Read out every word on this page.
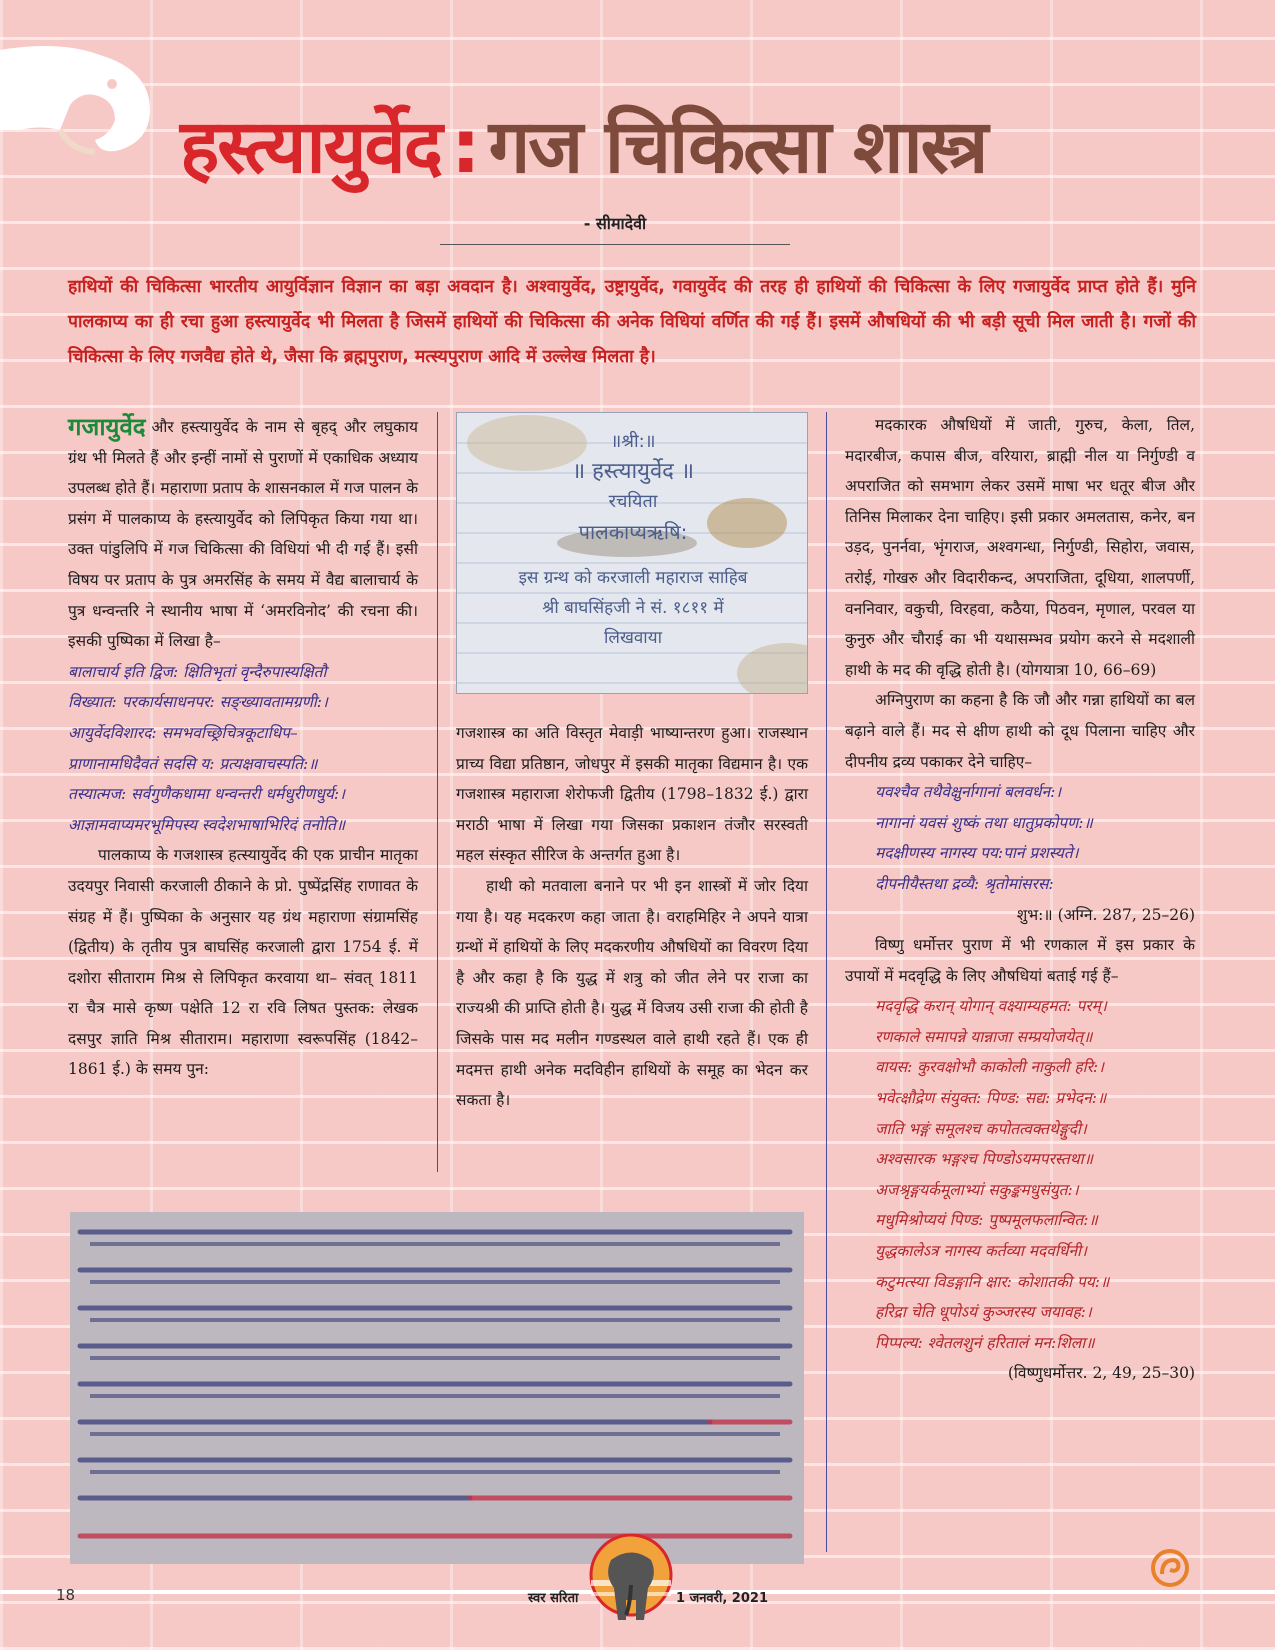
हस्त्यायुर्वेद : गज चिकित्सा शास्त्र
- सीमादेवी
हाथियों की चिकित्सा भारतीय आयुर्विज्ञान विज्ञान का बड़ा अवदान है। अश्वायुर्वेद, उष्ट्रायुर्वेद, गवायुर्वेद की तरह ही हाथियों की चिकित्सा के लिए गजायुर्वेद प्राप्त होते हैं। मुनि पालकाप्य का ही रचा हुआ हस्त्यायुर्वेद भी मिलता है जिसमें हाथियों की चिकित्सा की अनेक विधियां वर्णित की गई हैं। इसमें औषधियों की भी बड़ी सूची मिल जाती है। गजों की चिकित्सा के लिए गजवैद्य होते थे, जैसा कि ब्रह्मपुराण, मत्स्यपुराण आदि में उल्लेख मिलता है।

गजायुर्वेद और हस्त्यायुर्वेद के नाम से बृहद् और लघुकाय ग्रंथ भी मिलते हैं और इन्हीं नामों से पुराणों में एकाधिक अध्याय उपलब्ध होते हैं। महाराणा प्रताप के शासनकाल में गज पालन के प्रसंग में पालकाप्य के हस्त्यायुर्वेद को लिपिकृत किया गया था। उक्त पांडुलिपि में गज चिकित्सा की विधियां भी दी गई हैं। इसी विषय पर प्रताप के पुत्र अमरसिंह के समय में वैद्य बालाचार्य के पुत्र धन्वन्तरि ने स्थानीय भाषा में ‘अमरविनोद’ की रचना की। इसकी पुष्पिका में लिखा है–

बालाचार्य इति द्विज: क्षितिभृतां वृन्दैरुपास्यक्षितौ

विख्यात: परकार्यसाधनपर: सङ्ख्यावतामग्रणी:।

आयुर्वेदविशारद: समभवच्छ्रिचित्रकूटाधिप–

प्राणानामधिदैवतं सदसि य: प्रत्यक्षवाचस्पति:॥

तस्यात्मज: सर्वगुणैकधामा धन्वन्तरी धर्मधुरीणधुर्य:।

आज्ञामवाप्यमरभूमिपस्य स्वदेशभाषाभिरिदं तनोति॥

पालकाप्य के गजशास्त्र हत्स्यायुर्वेद की एक प्राचीन मातृका उदयपुर निवासी करजाली ठीकाने के प्रो. पुष्पेंद्रसिंह राणावत के संग्रह में हैं। पुष्पिका के अनुसार यह ग्रंथ महाराणा संग्रामसिंह (द्वितीय) के तृतीय पुत्र बाघसिंह करजाली द्वारा 1754 ई. में दशोरा सीताराम मिश्र से लिपिकृत करवाया था– संवत् 1811 रा चैत्र मासे कृष्ण पक्षेति 12 रा रवि लिषत पुस्तक: लेखक दसपुर ज्ञाति मिश्र सीताराम। महाराणा स्वरूपसिंह (1842–1861 ई.) के समय पुन:

॥श्री:॥
॥ हस्त्यायुर्वेद ॥
रचयिता
पालकाप्यऋषि:
इस ग्रन्थ को करजाली महाराज साहिब
श्री बाघसिंहजी ने सं. १८११ में
लिखवाया

गजशास्त्र का अति विस्तृत मेवाड़ी भाष्यान्तरण हुआ। राजस्थान प्राच्य विद्या प्रतिष्ठान, जोधपुर में इसकी मातृका विद्यमान है। एक गजशास्त्र महाराजा शेरोफजी द्वितीय (1798–1832 ई.) द्वारा मराठी भाषा में लिखा गया जिसका प्रकाशन तंजौर सरस्वती महल संस्कृत सीरिज के अन्तर्गत हुआ है।

हाथी को मतवाला बनाने पर भी इन शास्त्रों में जोर दिया गया है। यह मदकरण कहा जाता है। वराहमिहिर ने अपने यात्रा ग्रन्थों में हाथियों के लिए मदकरणीय औषधियों का विवरण दिया है और कहा है कि युद्ध में शत्रु को जीत लेने पर राजा का राज्यश्री की प्राप्ति होती है। युद्ध में विजय उसी राजा की होती है जिसके पास मद मलीन गण्डस्थल वाले हाथी रहते हैं। एक ही मदमत्त हाथी अनेक मदविहीन हाथियों के समूह का भेदन कर सकता है।

मदकारक औषधियों में जाती, गुरुच, केला, तिल, मदारबीज, कपास बीज, वरियारा, ब्राह्मी नील या निर्गुण्डी व अपराजित को समभाग लेकर उसमें माषा भर धतूर बीज और तिनिस मिलाकर देना चाहिए। इसी प्रकार अमलतास, कनेर, बन उड़द, पुनर्नवा, भृंगराज, अश्वगन्धा, निर्गुण्डी, सिहोरा, जवास, तरोई, गोखरु और विदारीकन्द, अपराजिता, दूधिया, शालपर्णी, वननिवार, वकुची, विरहवा, कठैया, पिठवन, मृणाल, परवल या कुनुरु और चौराई का भी यथासम्भव प्रयोग करने से मदशाली हाथी के मद की वृद्धि होती है। (योगयात्रा 10, 66–69)

अग्निपुराण का कहना है कि जौ और गन्ना हाथियों का बल बढ़ाने वाले हैं। मद से क्षीण हाथी को दूध पिलाना चाहिए और दीपनीय द्रव्य पकाकर देने चाहिए–

यवश्चैव तथैवेक्षुर्नागानां बलवर्धन:।

नागानां यवसं शुष्कं तथा धातुप्रकोपण:॥

मदक्षीणस्य नागस्य पय:पानं प्रशस्यते।

दीपनीयैस्तथा द्रव्यै: श्रृतोमांसरस:

शुभ:॥ (अग्नि. 287, 25–26)

विष्णु धर्मोत्तर पुराण में भी रणकाल में इस प्रकार के उपायों में मदवृद्धि के लिए औषधियां बताई गई हैं–

मदवृद्धि करान् योगान् वक्ष्याम्यहमत: परम्।

रणकाले समापन्ने यान्नाजा सम्प्रयोजयेत्॥

वायस: कुरवक्षोभौ काकोली नाकुली हरि:।

भवेत्क्षौद्रेण संयुक्त: पिण्ड: सद्य: प्रभेदन:॥

जाति भङ्गं समूलश्च कपोतत्वक्तथेङ्गुदी।

अश्वसारक भङ्गश्च पिण्डोऽयमपरस्तथा॥

अजश्रृङ्गयर्कमूलाभ्यां सकुङ्कमधुसंयुत:।

मधुमिश्रोप्ययं पिण्ड: पुष्पमूलफलान्वित:॥

युद्धकालेऽत्र नागस्य कर्तव्या मदवर्धिनी।

कटुमत्स्या विडङ्गानि क्षार: कोशातकी पय:॥

हरिद्रा चेति धूपोऽयं कुञ्जरस्य जयावह:।

पिप्पल्य: श्वेतलशुनं हरितालं मन:शिला॥

(विष्णुधर्मोत्तर. 2, 49, 25–30)

18	स्वर सरिता	1 जनवरी, 2021
